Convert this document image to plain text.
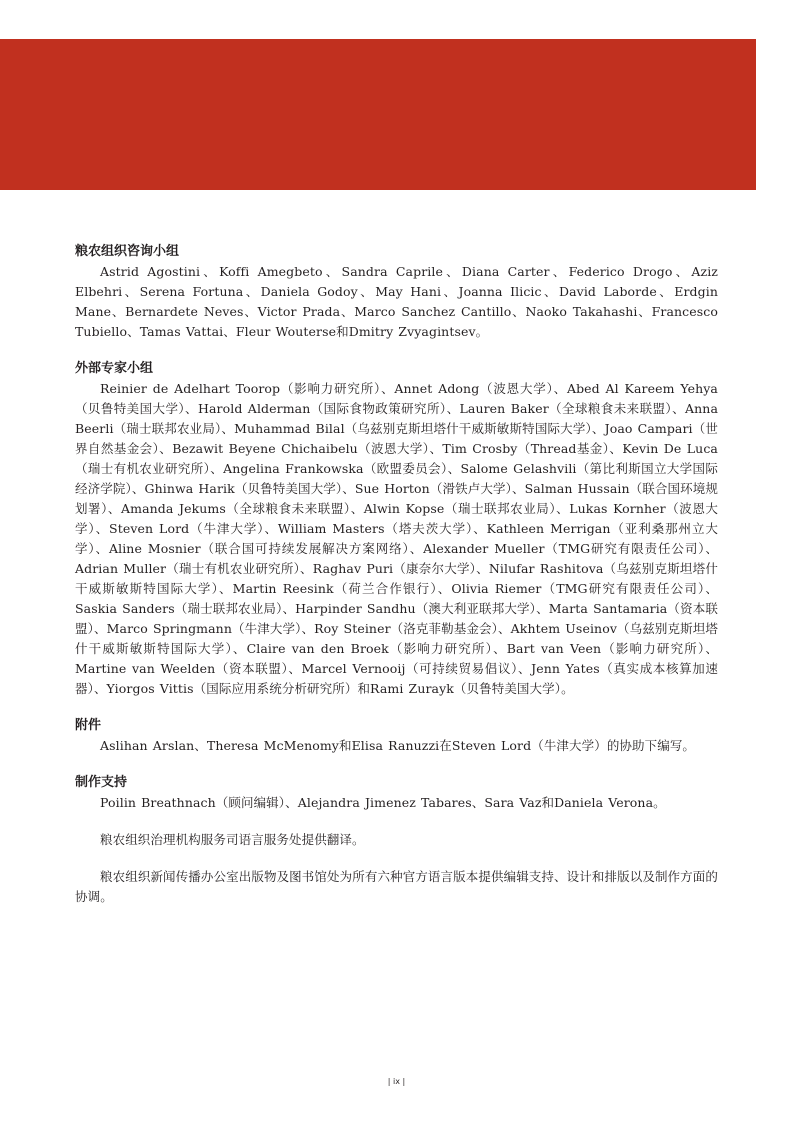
粮农组织咨询小组

Astrid Agostini、Koffi Amegbeto、Sandra Caprile、Diana Carter、Federico Drogo、Aziz Elbehri、Serena Fortuna、Daniela Godoy、May Hani、Joanna Ilicic、David Laborde、Erdgin Mane、Bernardete Neves、Victor Prada、Marco Sanchez Cantillo、Naoko Takahashi、Francesco Tubiello、Tamas Vattai、Fleur Wouterse和Dmitry Zvyagintsev。

外部专家小组

Reinier de Adelhart Toorop（影响力研究所）、Annet Adong（波恩大学）、Abed Al Kareem Yehya（贝鲁特美国大学）、Harold Alderman（国际食物政策研究所）、Lauren Baker（全球粮食未来联盟）、Anna Beerli（瑞士联邦农业局）、Muhammad Bilal（乌兹别克斯坦塔什干威斯敏斯特国际大学）、Joao Campari（世界自然基金会）、Bezawit Beyene Chichaibelu（波恩大学）、Tim Crosby（Thread基金）、Kevin De Luca（瑞士有机农业研究所）、Angelina Frankowska（欧盟委员会）、Salome Gelashvili（第比利斯国立大学国际经济学院）、Ghinwa Harik（贝鲁特美国大学）、Sue Horton（滑铁卢大学）、Salman Hussain（联合国环境规划署）、Amanda Jekums（全球粮食未来联盟）、Alwin Kopse（瑞士联邦农业局）、Lukas Kornher（波恩大学）、Steven Lord（牛津大学）、William Masters（塔夫茨大学）、Kathleen Merrigan（亚利桑那州立大学）、Aline Mosnier（联合国可持续发展解决方案网络）、Alexander Mueller（TMG研究有限责任公司）、Adrian Muller（瑞士有机农业研究所）、Raghav Puri（康奈尔大学）、Nilufar Rashitova（乌兹别克斯坦塔什干威斯敏斯特国际大学）、Martin Reesink（荷兰合作银行）、Olivia Riemer（TMG研究有限责任公司）、Saskia Sanders（瑞士联邦农业局）、Harpinder Sandhu（澳大利亚联邦大学）、Marta Santamaria（资本联盟）、Marco Springmann（牛津大学）、Roy Steiner（洛克菲勒基金会）、Akhtem Useinov（乌兹别克斯坦塔什干威斯敏斯特国际大学）、Claire van den Broek（影响力研究所）、Bart van Veen（影响力研究所）、Martine van Weelden（资本联盟）、Marcel Vernooij（可持续贸易倡议）、Jenn Yates（真实成本核算加速器）、Yiorgos Vittis（国际应用系统分析研究所）和Rami Zurayk（贝鲁特美国大学）。

附件

Aslihan Arslan、Theresa McMenomy和Elisa Ranuzzi在Steven Lord（牛津大学）的协助下编写。

制作支持

Poilin Breathnach（顾问编辑）、Alejandra Jimenez Tabares、Sara Vaz和Daniela Verona。

粮农组织治理机构服务司语言服务处提供翻译。

粮农组织新闻传播办公室出版物及图书馆处为所有六种官方语言版本提供编辑支持、设计和排版以及制作方面的协调。

| ix |
